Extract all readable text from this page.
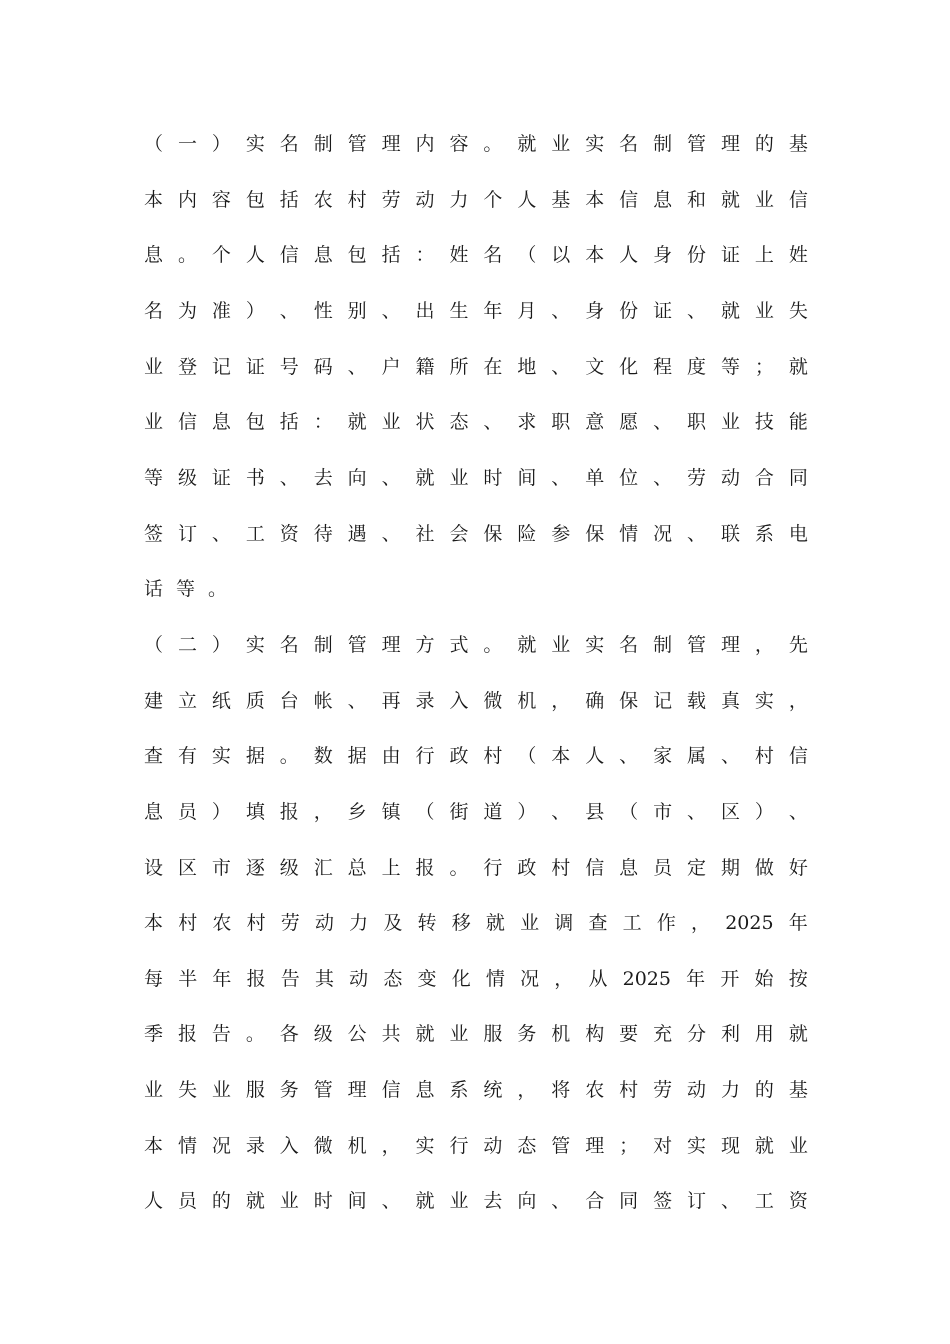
（ 一 ） 实 名 制 管 理 内 容 。 就 业 实 名 制 管 理 的 基
本 内 容 包 括 农 村 劳 动 力 个 人 基 本 信 息 和 就 业 信
息 。 个 人 信 息 包 括 ： 姓 名 （ 以 本 人 身 份 证 上 姓
名 为 准 ） 、 性 别 、 出 生 年 月 、 身 份 证 、 就 业 失
业 登 记 证 号 码 、 户 籍 所 在 地 、 文 化 程 度 等 ； 就
业 信 息 包 括 ： 就 业 状 态 、 求 职 意 愿 、 职 业 技 能
等 级 证 书 、 去 向 、 就 业 时 间 、 单 位 、 劳 动 合 同
签 订 、 工 资 待 遇 、 社 会 保 险 参 保 情 况 、 联 系 电
话 等 。
（ 二 ） 实 名 制 管 理 方 式 。 就 业 实 名 制 管 理 ， 先
建 立 纸 质 台 帐 、 再 录 入 微 机 ， 确 保 记 载 真 实 ，
查 有 实 据 。 数 据 由 行 政 村 （ 本 人 、 家 属 、 村 信
息 员 ） 填 报 ， 乡 镇 （ 街 道 ） 、 县 （ 市 、 区 ） 、
设 区 市 逐 级 汇 总 上 报 。 行 政 村 信 息 员 定 期 做 好
本 村 农 村 劳 动 力 及 转 移 就 业 调 查 工 作 ， 2025 年
每 半 年 报 告 其 动 态 变 化 情 况 ， 从 2025 年 开 始 按
季 报 告 。 各 级 公 共 就 业 服 务 机 构 要 充 分 利 用 就
业 失 业 服 务 管 理 信 息 系 统 ， 将 农 村 劳 动 力 的 基
本 情 况 录 入 微 机 ， 实 行 动 态 管 理 ； 对 实 现 就 业
人 员 的 就 业 时 间 、 就 业 去 向 、 合 同 签 订 、 工 资
